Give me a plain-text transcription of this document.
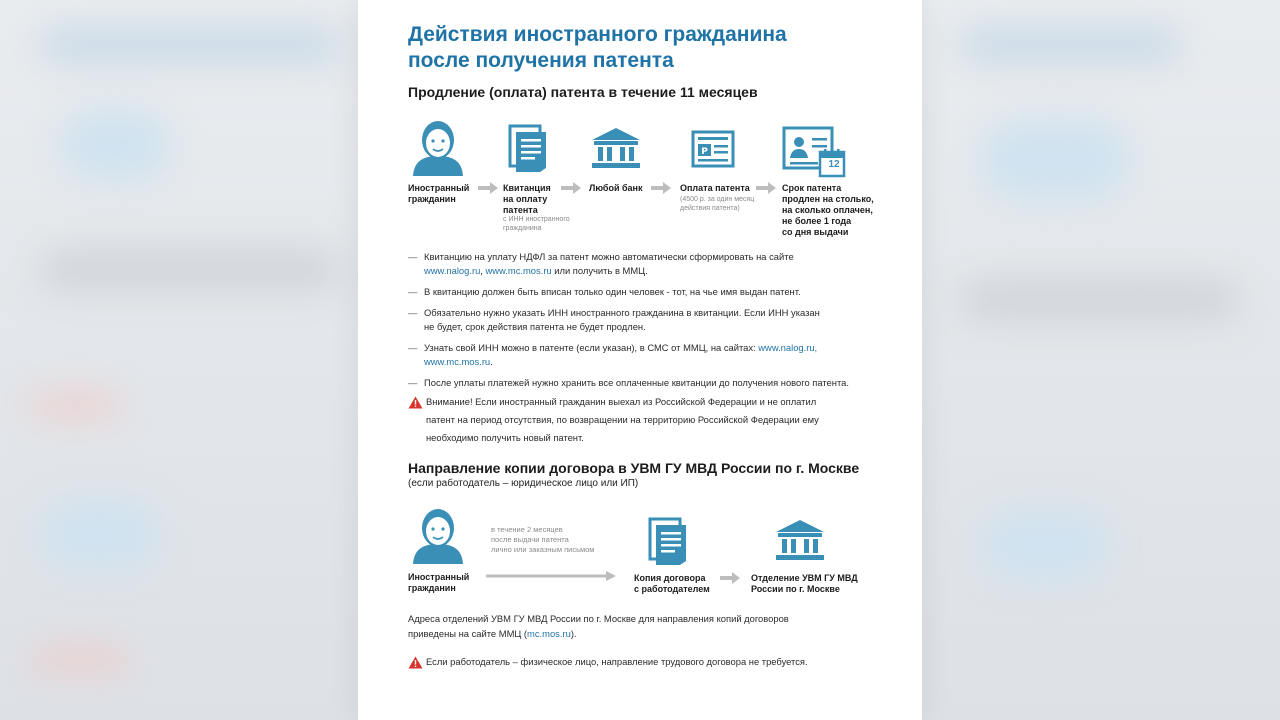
Действия иностранного гражданина
после получения патента
Продление (оплата) патента в течение 11 месяцев
Иностранный
гражданин
Квитанция
на оплату
патента
с ИНН иностранного
гражданина
Любой банк
Р
Оплата патента
(4500 р. за один месяц
действия патента)
12
Срок патента
продлен на столько,
на сколько оплачен,
не более 1 года
со дня выдачи
— Квитанцию на уплату НДФЛ за патент можно автоматически сформировать на сайте
www.nalog.ru, www.mc.mos.ru или получить в ММЦ.
— В квитанцию должен быть вписан только один человек - тот, на чье имя выдан патент.
— Обязательно нужно указать ИНН иностранного гражданина в квитанции. Если ИНН указан
не будет, срок действия патента не будет продлен.
— Узнать свой ИНН можно в патенте (если указан), в СМС от ММЦ, на сайтах: www.nalog.ru,
www.mc.mos.ru.
— После уплаты платежей нужно хранить все оплаченные квитанции до получения нового патента.
Внимание! Если иностранный гражданин выехал из Российской Федерации и не оплатил
патент на период отсутствия, по возвращении на территорию Российской Федерации ему
необходимо получить новый патент.
Направление копии договора в УВМ ГУ МВД России по г. Москве
(если работодатель – юридическое лицо или ИП)
Иностранный
гражданин
в течение 2 месяцев
после выдачи патента
лично или заказным письмом
Копия договора
с работодателем
Отделение УВМ ГУ МВД
России по г. Москве
Адреса отделений УВМ ГУ МВД России по г. Москве для направления копий договоров
приведены на сайте ММЦ (mc.mos.ru).
Если работодатель – физическое лицо, направление трудового договора не требуется.
